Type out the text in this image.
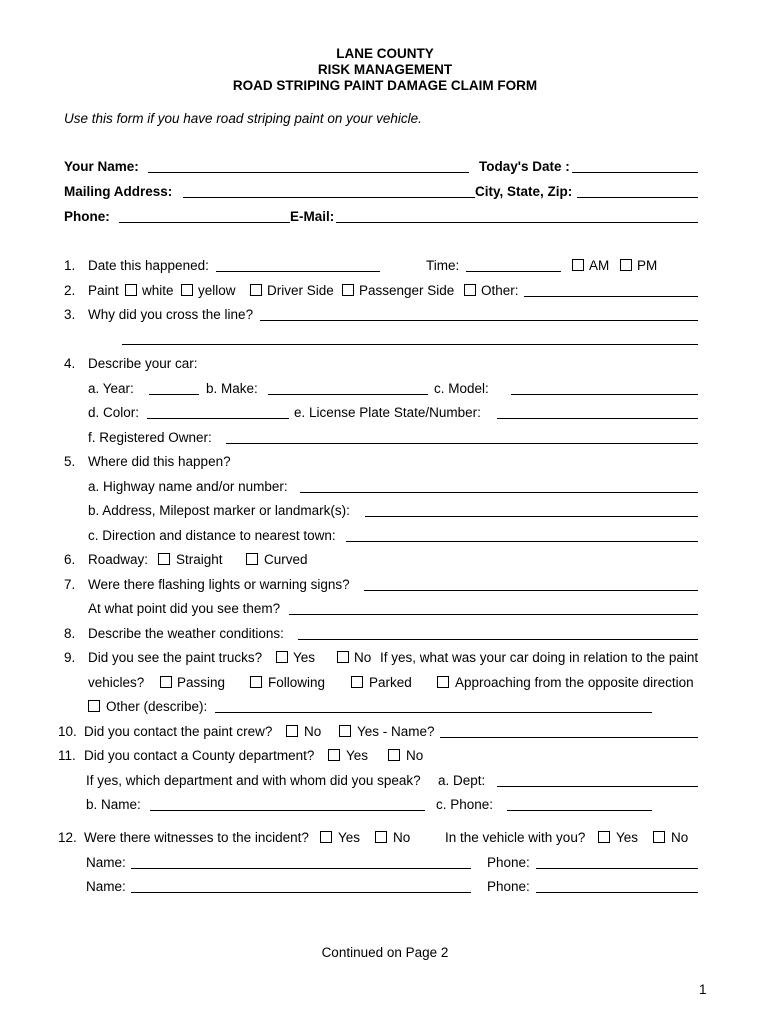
LANE COUNTY
RISK MANAGEMENT
ROAD STRIPING PAINT DAMAGE CLAIM FORM
Use this form if you have road striping paint on your vehicle.
Your Name:	Today's Date :
Mailing Address:	City, State, Zip:
Phone:	E-Mail:
1. Date this happened:	Time:	AM PM
2. Paint white yellow Driver Side Passenger Side Other:
3. Why did you cross the line?
4. Describe your car:
a. Year:	b. Make:	c. Model:
d. Color:	e. License Plate State/Number:
f. Registered Owner:
5. Where did this happen?
a. Highway name and/or number:
b. Address, Milepost marker or landmark(s):
c. Direction and distance to nearest town:
6. Roadway: Straight	Curved
7. Were there flashing lights or warning signs?
At what point did you see them?
8. Describe the weather conditions:
9. Did you see the paint trucks? Yes	No If yes, what was your car doing in relation to the paint
vehicles? Passing	Following	Parked	Approaching from the opposite direction
Other (describe):
10. Did you contact the paint crew? No	Yes - Name?
11. Did you contact a County department? Yes	No
If yes, which department and with whom did you speak? a. Dept:
b. Name:	c. Phone:
12. Were there witnesses to the incident? Yes No	In the vehicle with you? Yes No
Name:	Phone:
Name:	Phone:
Continued on Page 2
1
